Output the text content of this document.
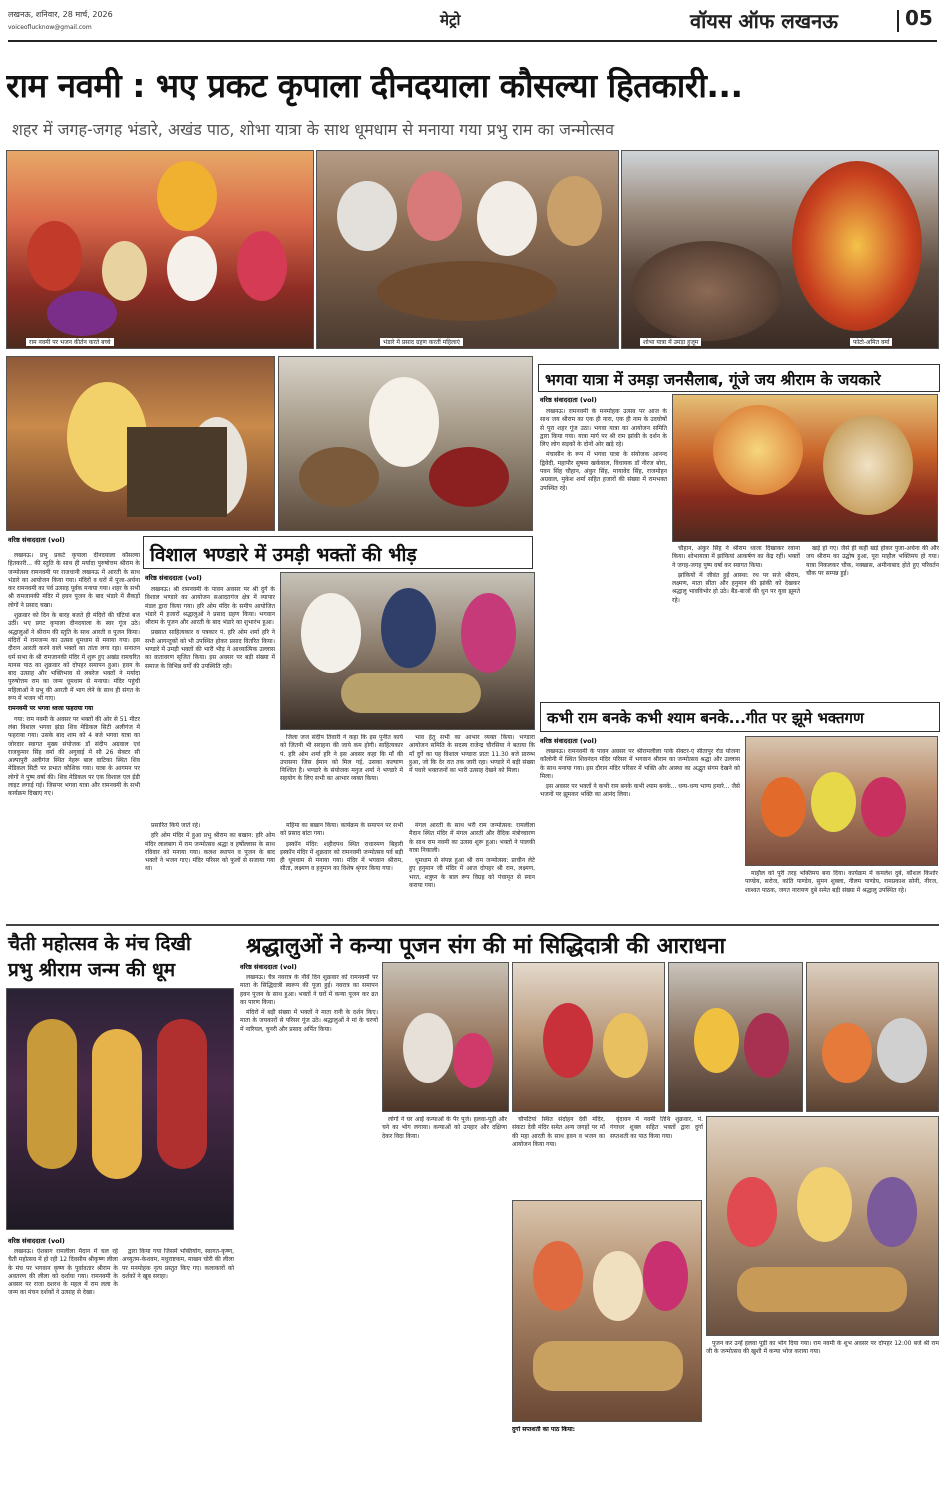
लखनऊ, शनिवार, 28 मार्च, 2026
voiceoflucknow@gmail.com	मेट्रो	वॉयस ऑफ लखनऊ	05
राम नवमी : भए प्रकट कृपाला दीनदयाला कौसल्या हितकारी...
शहर में जगह-जगह भंडारे, अखंड पाठ, शोभा यात्रा के साथ धूमधाम से मनाया गया प्रभु राम का जन्मोत्सव
राम नवमी पर भजन कीर्तन करते बच्चे	भंडारे में प्रसाद ग्रहण करतीं महिलाएं	शोभा यात्रा में उमड़ा हुजूम	फोटो-अमित वर्मा
भगवा यात्रा में उमड़ा जनसैलाब, गूंजे जय श्रीराम के जयकारे
वरिष्ठ संवाददाता (vol)

लखनऊ। रामनवमी के मनमोहक उत्सव पर आज के साथ जय श्रीराम का एक ही नारा, एक ही नाम के उदघोषों से पूरा शहर गूंज उठा। भगवा यात्रा का आयोजन समिति द्वारा किया गया। यात्रा मार्ग पर श्री राम झांकी के दर्शन के लिए लोग सड़कों के दोनों ओर खड़े रहे।

मंचासीन के रूप में भगवा यात्रा के संयोजक आनन्द द्विवेदी, महापौर सुषमा खर्कवाल, विधायक डॉ नीरज बोरा, पवन सिंह चौहान, अंकुर सिंह, मायावेद सिंह, राजमोहन अग्रवाल, मुकेश शर्मा सहित हजारों की संख्या में रामभक्त उपस्थित रहे।

चौहान, अंकुर सिंह ने श्रीराम ध्वजा दिखाकर रवाना किया। शोभायात्रा में झांकियां आकर्षण का केंद्र रहीं। भक्तों ने जगह-जगह पुष्प वर्षा कर स्वागत किया।

झांकियों में जीवंत हुई आस्था: रथ पर सजे श्रीराम, लक्ष्मण, माता सीता और हनुमान की झांकी को देखकर श्रद्धालु भावविभोर हो उठे। बैंड-बाजों की धुन पर युवा झूमते रहे।

खड़े हो गए। जैसे ही कहीं खड़े होकर पुजा-अर्चना की और जय श्रीराम का उद्घोष हुआ, पूरा माहौल भक्तिमय हो गया। यात्रा निकलकर चौक, नक्खास, अमीनाबाद होते हुए परिवर्तन चौक पर सम्पन्न हुई।

वरिष्ठ संवाददाता (vol)

लखनऊ। प्रभु प्रकटे कृपाला दीनदयाला कौसल्या हितकारी... की स्तुति के साथ ही मर्यादा पुरुषोत्तम श्रीराम के जन्मोत्सव रामनवमी पर राजधानी लखनऊ में आरती के साथ भंडारे का आयोजन किया गया। मंदिरों व घरों में पूजा-अर्चना कर रामनवमी का पर्व उत्साह पूर्वक मनाया गया। शहर के सभी श्री रामजानकी मंदिर में हवन पूजन के बाद भंडारे में सैकड़ों लोगों ने प्रसाद चखा।

शुक्रवार को दिन के बारह बजते ही मंदिरों की घंटियां बज उठीं। भए प्रगट कृपाला दीनदयाला के स्वर गूंज उठे। श्रद्धालुओं ने श्रीराम की स्तुति के साथ आरती व पूजन किया। मंदिरों में रामजन्म का उत्सव धूमधाम से मनाया गया। इस दौरान आरती करने वाले भक्तों का तांता लगा रहा। सनातन धर्म सभा के श्री रामजानकी मंदिर में शुरू हुए अखंड रामचरित मानस पाठ का शुक्रवार को दोपहर समापन हुआ। हवन के बाद उत्साह और भक्तिभाव से लबरेज भक्तों ने मर्यादा पुरुषोत्तम राम का जन्म धूमधाम से मनाया। मंदिर पहुंची महिलाओं ने प्रभु की आरती में भाग लेने के साथ ही संगत के रूप में भजन भी गाए।

रामनवमी पर भगवा ध्वजा फहराया गया

गया: राम नवमी के अवसर पर भक्तों की ओर से 51 मीटर लंबा विशाल भगवा झंडा शिव मेडिकल सिटी अलीगंज में फहराया गया। उसके बाद शाम को 4 बजे भगवा यात्रा का जोरदार स्वागत मुख्य संयोजक डॉ संदीप अग्रवाल एवं राजकुमार सिंह वर्मा की अगुवाई में सौ 26 सेक्टर सी अल्पापुरी अलीगंज स्थित नेहरू बाल वाटिका स्थित शिव मेडिकल सिटी पर प्रभात कौशिक गया। यात्रा के आगमन पर लोगों ने पुष्प वर्षा की। शिव मेडिकल पर एक विशाल एल ईडी लाइट लगाई गई। जिसपर भगवा यात्रा और रामनवमी के सभी कार्यक्रम दिखाए गए।

विशाल भण्डारे में उमड़ी भक्तों की भीड़
वरिष्ठ संवाददाता (vol)

लखनऊ। श्री रामनवमी के पावन अवसर पर श्री दुर्गे के विशाल भण्डारे का आयोजन सआदतगंज क्षेत्र में व्यापार मंडल द्वारा किया गया। हरि ओम मंदिर के समीप आयोजित भंडारे में हजारों श्रद्धालुओं ने प्रसाद ग्रहण किया। भगवान श्रीराम के पूजन और आरती के बाद भंडारे का शुभारंभ हुआ।

प्रख्यात साहित्यकार व पत्रकार पं. हरि ओम शर्मा हरि ने सभी आगन्तुकों को भी उपस्थित होकर प्रसाद वितरित किया। भण्डारे में उमड़ी भक्तों की भारी भीड़ ने आध्यात्मिक उल्लास का वातावरण सृजित किया। इस अवसर पर बड़ी संख्या में समाज के विभिन्न वर्गों की उपस्थिति रही।

जिला जज संदीप तिवारी ने कहा कि इस पुनीत कार्य को जितनी भी सराहना की जाये कम होगी। साहित्यकार पं. हरि ओम शर्मा हरि ने इस अवसर कहा कि माँ की उपासना जिस ईमान को मिल गई, उसका कल्याण निश्चित है। भण्डारे के संयोजक मनुज शर्मा ने भण्डारे में सहयोग के लिए सभी का आभार व्यक्त किया।

भाव हेतु सभी का आभार व्यक्त किया। भण्डारा आयोजन समिति के सदस्य राजेन्द्र चौरसिया ने बताया कि माँ दुर्गे का यह विशाल भण्डारा प्रातः 11.30 बजे प्रारम्भ हुआ, जो कि देर रात तक जारी रहा। भण्डारे में बड़ी संख्या में पधारे भक्तजनों का भारी उत्साह देखने को मिला।

प्रसारित किये जाते रहे।

हरि ओम मंदिर में हुआ प्रभु श्रीराम का बखान: हरि ओम मंदिर लालबाग में राम जन्मोत्सव श्रद्धा व हर्षोल्लास के साथ रविवार को मनाया गया। कलश स्थापन व पूजन के बाद भक्तों ने भजन गाए। मंदिर परिसर को फूलों से सजाया गया था।

महिमा का बखान किया। कार्यक्रम के समापन पर सभी को प्रसाद बांटा गया।

इस्कॉन मंदिर: शहीदपथ स्थित राधारमण बिहारी इस्कॉन मंदिर में शुक्रवार को रामनवमी जन्मोत्सव पर्व बड़ी ही धूमधाम से मनाया गया। मंदिर में भगवान श्रीराम, सीता, लक्ष्मण व हनुमान का विशेष श्रृंगार किया गया।

मंगल आरती के साथ भरी राम जन्मोत्सव: रामलीला मैदान स्थित मंदिर में मंगल आरती और वैदिक मंत्रोच्चारण के साथ राम नवमी का उत्सव शुरू हुआ। भक्तों ने पालकी यात्रा निकाली।

धूमधाम से संपन्न हुआ श्री राम जन्मोत्सव: प्राचीन लेटे हुए हनुमान जी मंदिर में आज दोपहर श्री राम, लक्ष्मण, भरत, शत्रुघ्न के बाल रूप विग्रह को पंचामृत से स्नान कराया गया।

कभी राम बनके कभी श्याम बनके...गीत पर झूमे भक्तगण
वरिष्ठ संवाददाता (vol)

लखनऊ। रामनवमी के पावन अवसर पर श्रीरामलीला पार्क सेक्टर-ए सीतापुर रोड योजना कॉलोनी में स्थित शिवनंदन मंदिर परिसर में भगवान श्रीराम का जन्मोत्सव श्रद्धा और उल्लास के साथ मनाया गया। इस दौरान मंदिर परिसर में भक्ति और आस्था का अद्भुत संगम देखने को मिला।

इस अवसर पर भक्तों ने कभी राम बनके कभी श्याम बनके... धन्य-धन्य भाग्य हमारे... जैसे भजनों पर झूमकर भक्ति का आनंद लिया।

माहौल को पूरी तरह भक्तिमय बना दिया। कार्यक्रम में कमलेश दुबे, कौशल किशोर पाण्डेय, सरोज, कांति पाण्डेय, सुमन शुक्ला, नीलम पाण्डेय, रामप्रकाश सोनी, नीरज, शाश्वत पाठक, जगत नारायण दुबे समेत बड़ी संख्या में श्रद्धालु उपस्थित रहे।

चैती महोत्सव के मंच दिखी
प्रभु श्रीराम जन्म की धूम
वरिष्ठ संवाददाता (vol)

लखनऊ। ऐशबाग रामलीला मैदान में चल रहे चैती महोत्सव में हो रही 12 दिवसीय श्रीकृष्ण लीला के मंच पर भगवान कृष्ण के पूर्वावतार श्रीराम के अवतरण की लीला को दर्शाया गया। रामनवमी के अवसर पर राजा दशरथ के महल में राम लला के जन्म का मंचन दर्शकों ने उत्साह से देखा।

द्वारा किया गया जिसमें भक्तियोग, स्वागत-कृष्ण, अच्युतम-केशवम, मधुराष्टकम, माखन चोरी की लीला पर मनमोहक नृत्य प्रस्तुत किए गए। कलाकारों को दर्शकों ने खूब सराहा।

श्रद्धालुओं ने कन्या पूजन संग की मां सिद्धिदात्री की आराधना
वरिष्ठ संवाददाता (vol)

लखनऊ। चैत्र नवरात्र के नौवें दिन शुक्रवार को रामनवमी पर माता के सिद्धिदात्री स्वरूप की पूजा हुई। नवरात्र का समापन हवन पूजन के साथ हुआ। भक्तों ने घरों में कन्या पूजन कर व्रत का पारण किया।

मंदिरों में बड़ी संख्या में भक्तों ने माता रानी के दर्शन किए। माता के जयकारों से परिसर गूंज उठे। श्रद्धालुओं ने मां के चरणों में नारियल, चुनरी और प्रसाद अर्पित किया।

लोगों ने घर आईं कन्याओं के पैर पूजे। हलवा-पूड़ी और चने का भोग लगाया। कन्याओं को उपहार और दक्षिणा देकर विदा किया।

चौपटियां स्थित संदोहन देवी मंदिर, संकटा देवी मंदिर समेत अन्य जगहों पर माँ की महा आरती के साथ हवन व भजन का आयोजन किया गया।

वृंदावन में नवमी तिथि शुक्रवार, पं. गंगाधर शुक्ल सहित भक्तों द्वारा दुर्गा सप्तशती का पाठ किया गया।

दुर्गा सप्तशती का पाठ किया:

पूजन कर उन्हें हलवा पूड़ी का भोग दिया गया। राम नवमी के शुभ अवसर पर दोपहर 12:00 बजे श्री राम जी के जन्मोत्सव की खुशी में कन्या भोज कराया गया।
